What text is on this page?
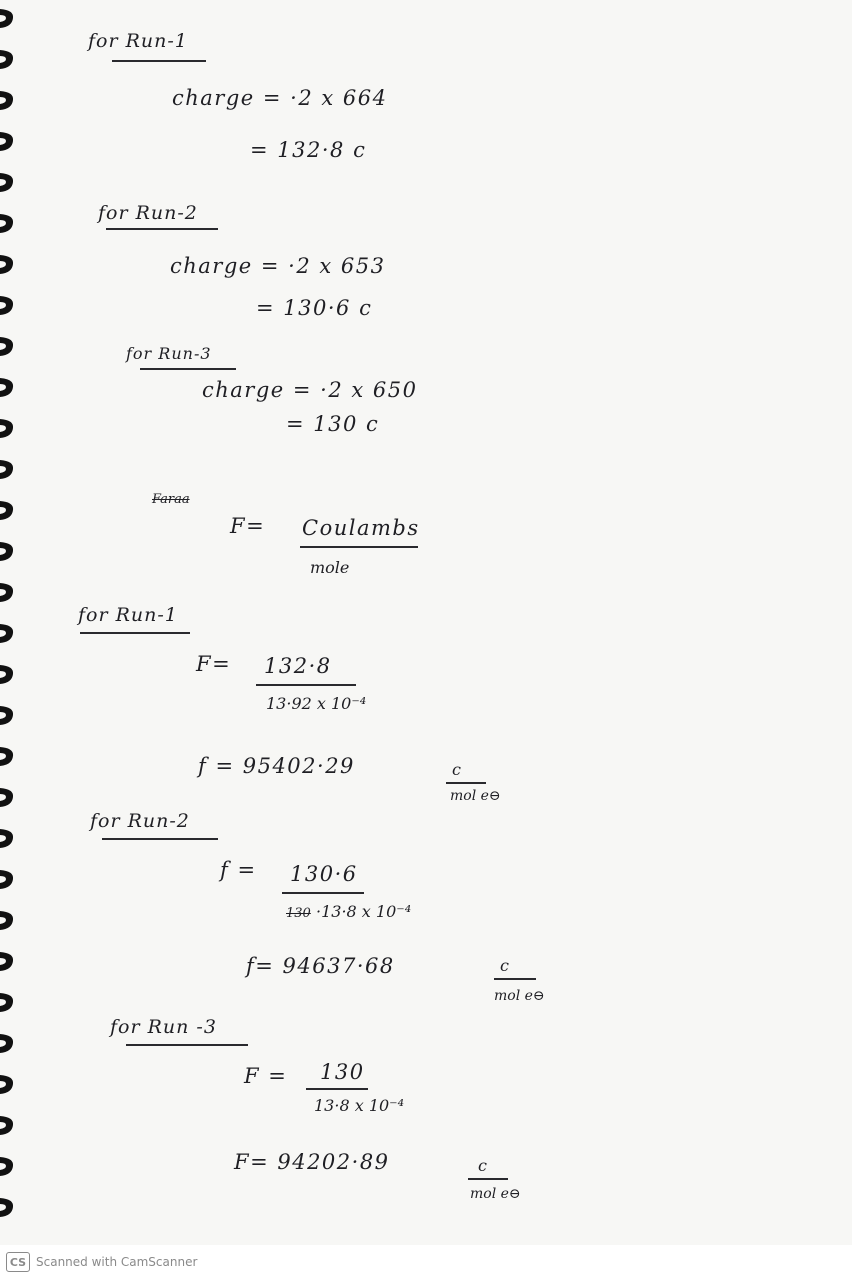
for Run-1
charge = ·2 x 664
= 132·8 c
for Run-2
charge = ·2 x 653
= 130·6 c
for Run-3
charge = ·2 x 650
= 130 c
Faraa
F= Coulambs
mole
for Run-1
F= 132·8
13·92 x 10⁻⁴
f = 95402·29	c
mol e⊖
for Run-2
f = 130·6
130 ·13·8 x 10⁻⁴
f= 94637·68	c
mol e⊖
for Run -3
F = 130
13·8 x 10⁻⁴
F= 94202·89	c
mol e⊖
CS Scanned with CamScanner
